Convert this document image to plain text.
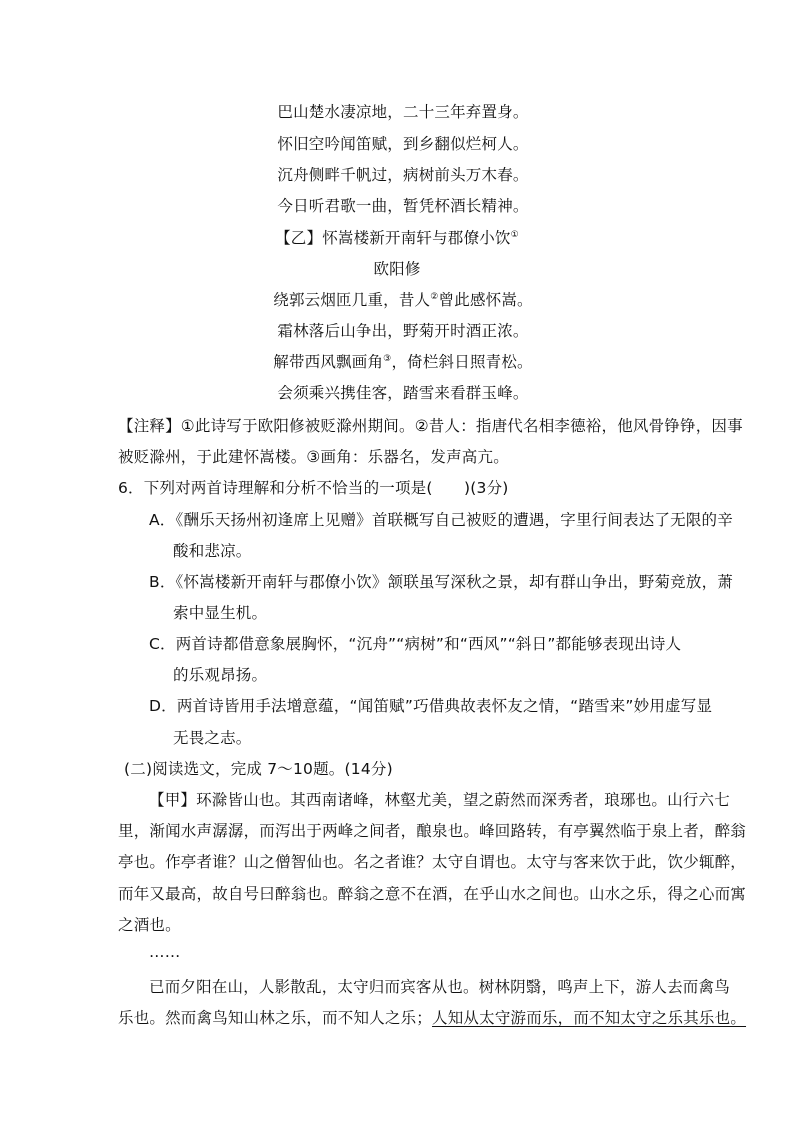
巴山楚水凄凉地，二十三年弃置身。
怀旧空吟闻笛赋，到乡翻似烂柯人。
沉舟侧畔千帆过，病树前头万木春。
今日听君歌一曲，暂凭杯酒长精神。
【乙】怀嵩楼新开南轩与郡僚小饮①
欧阳修
绕郭云烟匝几重，昔人②曾此感怀嵩。
霜林落后山争出，野菊开时酒正浓。
解带西风飘画角③，倚栏斜日照青松。
会须乘兴携佳客，踏雪来看群玉峰。
【注释】①此诗写于欧阳修被贬滁州期间。②昔人：指唐代名相李德裕，他风骨铮铮，因事
被贬滁州，于此建怀嵩楼。③画角：乐器名，发声高亢。
6．下列对两首诗理解和分析不恰当的一项是(　　)(3分)
A．《酬乐天扬州初逢席上见赠》首联概写自己被贬的遭遇，字里行间表达了无限的辛
酸和悲凉。
B．《怀嵩楼新开南轩与郡僚小饮》颔联虽写深秋之景，却有群山争出，野菊竞放，萧
索中显生机。
C．两首诗都借意象展胸怀，“沉舟”“病树”和“西风”“斜日”都能够表现出诗人
的乐观昂扬。
D．两首诗皆用手法增意蕴，“闻笛赋”巧借典故表怀友之情，“踏雪来”妙用虚写显
无畏之志。
(二)阅读选文，完成 7～10题。(14分)
【甲】环滁皆山也。其西南诸峰，林壑尤美，望之蔚然而深秀者，琅琊也。山行六七
里，渐闻水声潺潺，而泻出于两峰之间者，酿泉也。峰回路转，有亭翼然临于泉上者，醉翁
亭也。作亭者谁？山之僧智仙也。名之者谁？太守自谓也。太守与客来饮于此，饮少辄醉，
而年又最高，故自号曰醉翁也。醉翁之意不在酒，在乎山水之间也。山水之乐，得之心而寓
之酒也。
……
已而夕阳在山，人影散乱，太守归而宾客从也。树林阴翳，鸣声上下，游人去而禽鸟
乐也。然而禽鸟知山林之乐，而不知人之乐；人知从太守游而乐，而不知太守之乐其乐也。
